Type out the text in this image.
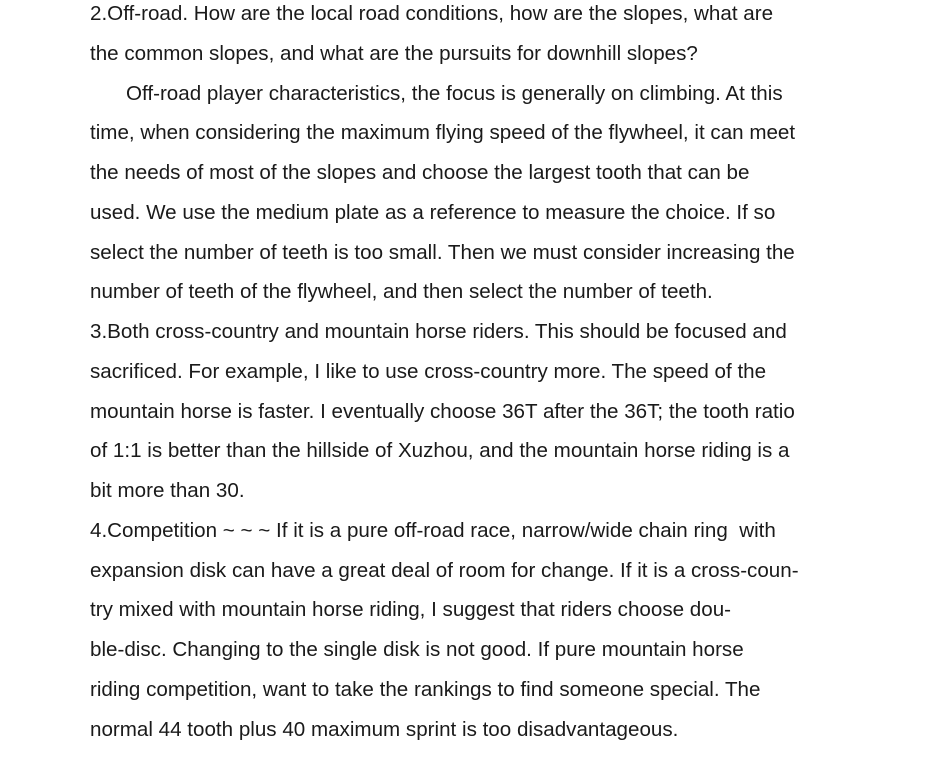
2.Off-road. How are the local road conditions, how are the slopes, what are
the common slopes, and what are the pursuits for downhill slopes?
Off-road player characteristics, the focus is generally on climbing. At this
time, when considering the maximum flying speed of the flywheel, it can meet
the needs of most of the slopes and choose the largest tooth that can be
used. We use the medium plate as a reference to measure the choice. If so
select the number of teeth is too small. Then we must consider increasing the
number of teeth of the flywheel, and then select the number of teeth.
3.Both cross-country and mountain horse riders. This should be focused and
sacrificed. For example, I like to use cross-country more. The speed of the
mountain horse is faster. I eventually choose 36T after the 36T; the tooth ratio
of 1:1 is better than the hillside of Xuzhou, and the mountain horse riding is a
bit more than 30.
4.Competition ~ ~ ~ If it is a pure off-road race, narrow/wide chain ring  with
expansion disk can have a great deal of room for change. If it is a cross-coun-
try mixed with mountain horse riding, I suggest that riders choose dou-
ble-disc. Changing to the single disk is not good. If pure mountain horse
riding competition, want to take the rankings to find someone special. The
normal 44 tooth plus 40 maximum sprint is too disadvantageous.
